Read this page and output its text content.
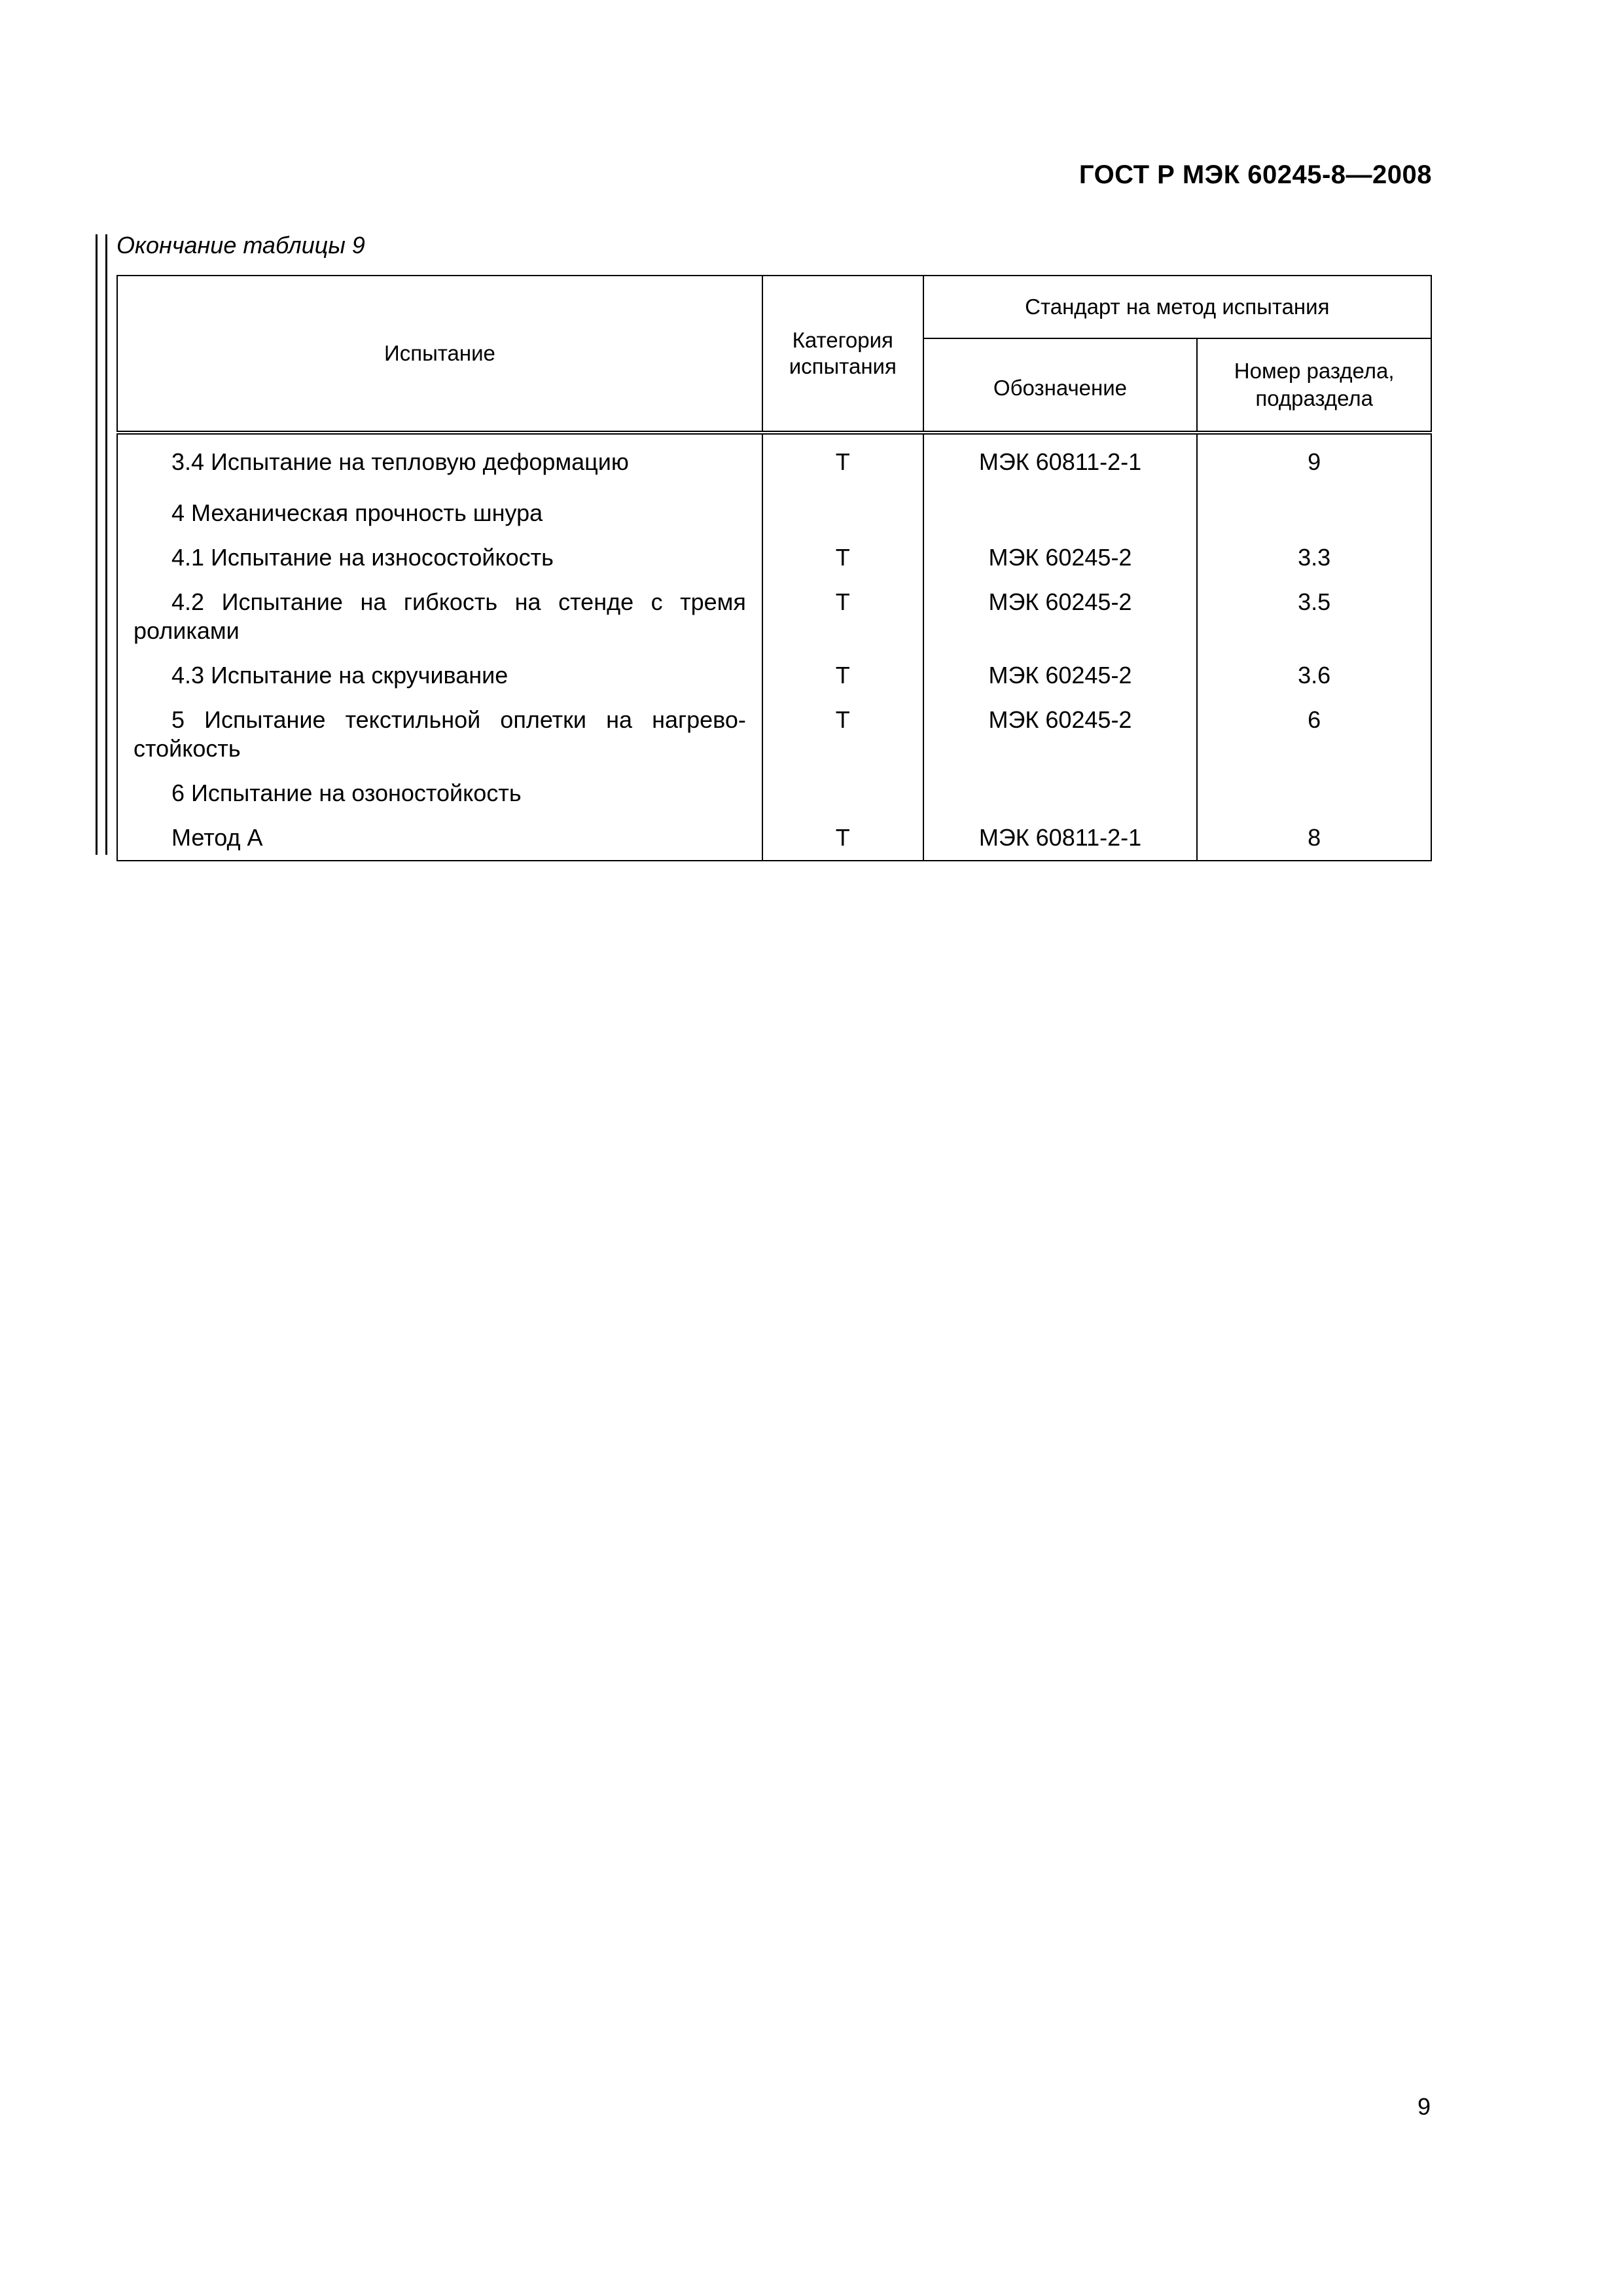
ГОСТ Р МЭК 60245-8—2008
Окончание таблицы 9
Испытание	Категория испытания	Стандарт на метод испытания	
		Обозначение	Номер раздела, подраздела
3.4 Испытание на тепловую деформацию	Т	МЭК 60811-2-1	9
4 Механическая прочность шнура			
4.1 Испытание на износостойкость	Т	МЭК 60245-2	3.3
4.2 Испытание на гибкость на стенде с тремя роликами	Т	МЭК 60245-2	3.5
4.3 Испытание на скручивание	Т	МЭК 60245-2	3.6
5 Испытание текстильной оплетки на нагрево-стойкость	Т	МЭК 60245-2	6
6 Испытание на озоностойкость			
Метод А	Т	МЭК 60811-2-1	8
9
